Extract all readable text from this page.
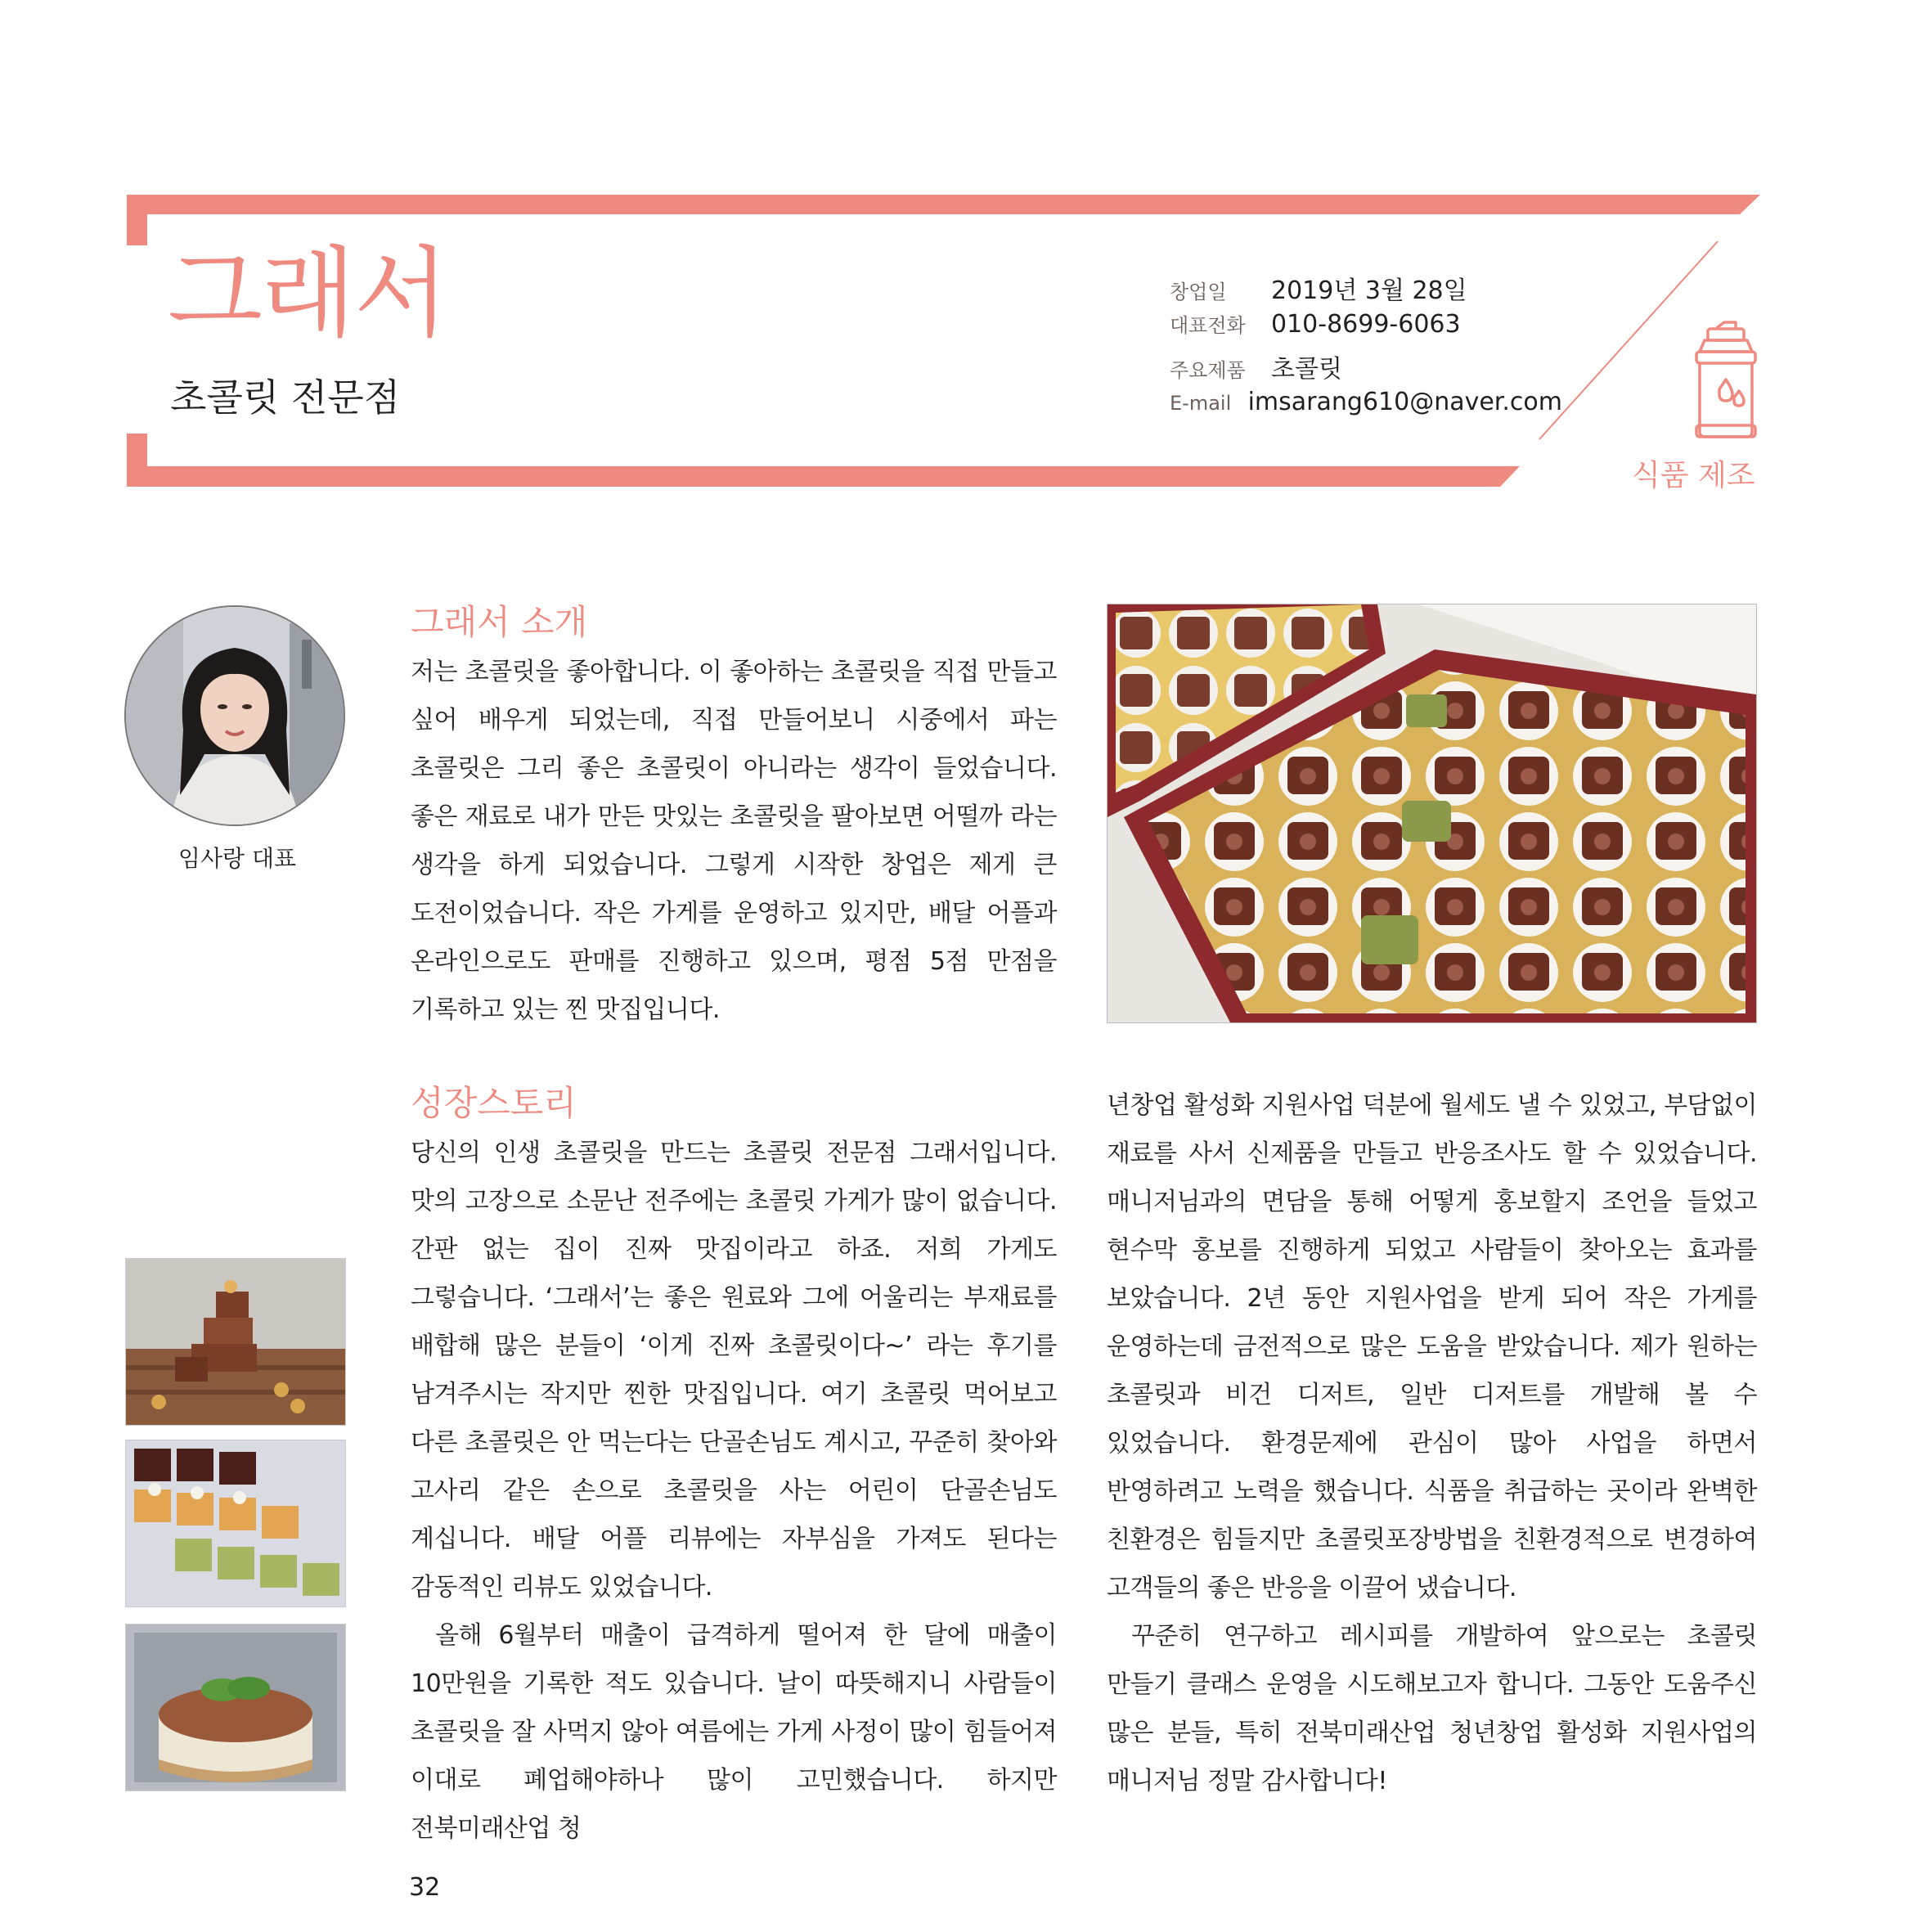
그래서
초콜릿 전문점
창업일	2019년 3월 28일
대표전화	010-8699-6063
주요제품	초콜릿
E-mail imsarang610@naver.com
식품 제조
임사랑 대표
그래서 소개

저는 초콜릿을 좋아합니다. 이 좋아하는 초콜릿을 직접 만들고 싶어 배우게 되었는데, 직접 만들어보니 시중에서 파는 초콜릿은 그리 좋은 초콜릿이 아니라는 생각이 들었습니다. 좋은 재료로 내가 만든 맛있는 초콜릿을 팔아보면 어떨까 라는 생각을 하게 되었습니다. 그렇게 시작한 창업은 제게 큰 도전이었습니다. 작은 가게를 운영하고 있지만, 배달 어플과 온라인으로도 판매를 진행하고 있으며, 평점 5점 만점을 기록하고 있는 찐 맛집입니다.

성장스토리

당신의 인생 초콜릿을 만드는 초콜릿 전문점 그래서입니다. 맛의 고장으로 소문난 전주에는 초콜릿 가게가 많이 없습니다. 간판 없는 집이 진짜 맛집이라고 하죠. 저희 가게도 그렇습니다. ‘그래서’는 좋은 원료와 그에 어울리는 부재료를 배합해 많은 분들이 ‘이게 진짜 초콜릿이다~’ 라는 후기를 남겨주시는 작지만 찐한 맛집입니다. 여기 초콜릿 먹어보고 다른 초콜릿은 안 먹는다는 단골손님도 계시고, 꾸준히 찾아와 고사리 같은 손으로 초콜릿을 사는 어린이 단골손님도 계십니다. 배달 어플 리뷰에는 자부심을 가져도 된다는 감동적인 리뷰도 있었습니다.

올해 6월부터 매출이 급격하게 떨어져 한 달에 매출이 10만원을 기록한 적도 있습니다. 날이 따뜻해지니 사람들이 초콜릿을 잘 사먹지 않아 여름에는 가게 사정이 많이 힘들어져 이대로 폐업해야하나 많이 고민했습니다. 하지만 전북미래산업 청

년창업 활성화 지원사업 덕분에 월세도 낼 수 있었고, 부담없이 재료를 사서 신제품을 만들고 반응조사도 할 수 있었습니다. 매니저님과의 면담을 통해 어떻게 홍보할지 조언을 들었고 현수막 홍보를 진행하게 되었고 사람들이 찾아오는 효과를 보았습니다. 2년 동안 지원사업을 받게 되어 작은 가게를 운영하는데 금전적으로 많은 도움을 받았습니다. 제가 원하는 초콜릿과 비건 디저트, 일반 디저트를 개발해 볼 수 있었습니다. 환경문제에 관심이 많아 사업을 하면서 반영하려고 노력을 했습니다. 식품을 취급하는 곳이라 완벽한 친환경은 힘들지만 초콜릿포장방법을 친환경적으로 변경하여 고객들의 좋은 반응을 이끌어 냈습니다.

꾸준히 연구하고 레시피를 개발하여 앞으로는 초콜릿 만들기 클래스 운영을 시도해보고자 합니다. 그동안 도움주신 많은 분들, 특히 전북미래산업 청년창업 활성화 지원사업의 매니저님 정말 감사합니다!

32
